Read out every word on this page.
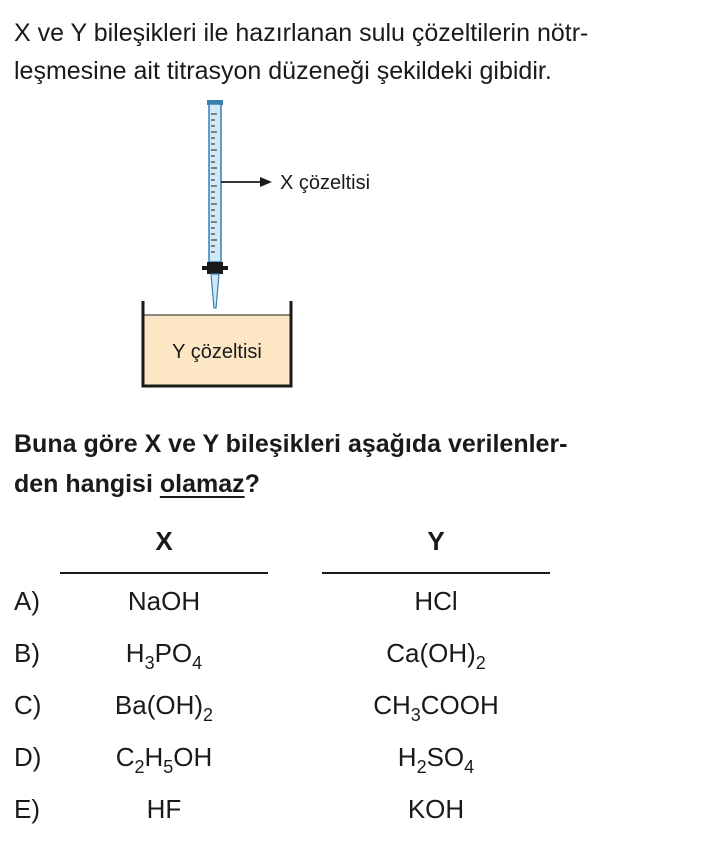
X ve Y bileşikleri ile hazırlanan sulu çözeltilerin nötr-
leşmesine ait titrasyon düzeneği şekildeki gibidir.

X çözeltisi
Y çözeltisi

Buna göre X ve Y bileşikleri aşağıda verilenler-
den hangisi olamaz?

X	Y
A)	NaOH	HCl
B)	$H_3PO_4$	$Ca(OH)_2$
C)	$Ba(OH)_2$	$CH_3COOH$
D)	$C_2H_5OH$	$H_2SO_4$
E)	HF	KOH
